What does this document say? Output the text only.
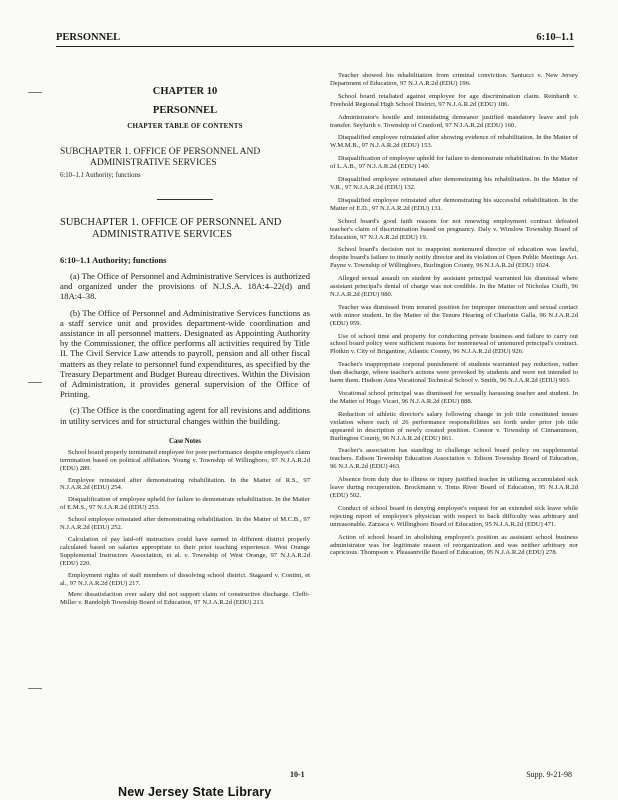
PERSONNEL	6:10–1.1
CHAPTER 10
PERSONNEL
CHAPTER TABLE OF CONTENTS
SUBCHAPTER 1. OFFICE OF PERSONNEL AND
ADMINISTRATIVE SERVICES
6:10–1.1 Authority; functions
SUBCHAPTER 1. OFFICE OF PERSONNEL AND
ADMINISTRATIVE SERVICES
6:10–1.1 Authority; functions

(a) The Office of Personnel and Administrative Services is authorized and organized under the provisions of N.J.S.A. 18A:4–22(d) and 18A:4–38.

(b) The Office of Personnel and Administrative Services functions as a staff service unit and provides department-wide coordination and assistance in all personnel matters. Designated as Appointing Authority by the Commissioner, the office performs all activities required by Title II. The Civil Service Law attends to payroll, pension and all other fiscal matters as they relate to personnel fund expenditures, as specified by the Treasury Department and Budget Bureau directives. Within the Division of Administration, it provides general supervision of the Office of Printing.

(c) The Office is the coordinating agent for all revisions and additions in utility services and for structural changes within the building.

Case Notes

School board properly terminated employee for poor performance despite employee's claim termination based on political affiliation. Young v. Township of Willingboro, 97 N.J.A.R.2d (EDU) 289.

Employee reinstated after demonstrating rehabilitation. In the Matter of R.S., 97 N.J.A.R.2d (EDU) 254.

Disqualification of employee upheld for failure to demonstrate rehabilitation. In the Matter of E.M.S., 97 N.J.A.R.2d (EDU) 253.

School employee reinstated after demonstrating rehabilitation. In the Matter of M.C.B., 97 N.J.A.R.2d (EDU) 252.

Calculation of pay laid-off instructors could have earned in different district properly calculated based on salaries appropriate to their prior teaching experience. West Orange Supplemental Instructors Association, et al. v. Township of West Orange, 97 N.J.A.R.2d (EDU) 220.

Employment rights of staff members of dissolving school district. Stagaard v. Contini, et al., 97 N.J.A.R.2d (EDU) 217.

Mere dissatisfaction over salary did not support claim of constructive discharge. Cleffi-Miller v. Randolph Township Board of Education, 97 N.J.A.R.2d (EDU) 213.

Teacher showed his rehabilitation from criminal conviction. Santucci v. New Jersey Department of Education, 97 N.J.A.R.2d (EDU) 196.

School board retaliated against employee for age discrimination claim. Reinhardt v. Freehold Regional High School District, 97 N.J.A.R.2d (EDU) 186.

Administrator's hostile and intimidating demeanor justified mandatory leave and job transfer. Seyfurth v. Township of Cranford, 97 N.J.A.R.2d (EDU) 160.

Disqualified employee reinstated after showing evidence of rehabilitation. In the Matter of W.M.M.B., 97 N.J.A.R.2d (EDU) 153.

Disqualification of employee upheld for failure to demonstrate rehabilitation. In the Matter of L.A.B., 97 N.J.A.R.2d (EDU) 140.

Disqualified employee reinstated after demonstrating his rehabilitation. In the Matter of V.R., 97 N.J.A.R.2d (EDU) 132.

Disqualified employee reinstated after demonstrating his successful rehabilitation. In the Matter of E.D., 97 N.J.A.R.2d (EDU) 131.

School board's good faith reasons for not renewing employment contract defeated teacher's claim of discrimination based on pregnancy. Daly v. Winslow Township Board of Education, 97 N.J.A.R.2d (EDU) 19.

School board's decision not to reappoint nontenured director of education was lawful, despite board's failure to timely notify director and its violation of Open Public Meetings Act. Payne v. Township of Willingboro, Burlington County, 96 N.J.A.R.2d (EDU) 1024.

Alleged sexual assault on student by assistant principal warranted his dismissal where assistant principal's denial of charge was not credible. In the Matter of Nicholas Ciuffi, 96 N.J.A.R.2d (EDU) 980.

Teacher was dismissed from tenured position for improper interaction and sexual contact with minor student. In the Matter of the Tenure Hearing of Charlotte Galla, 96 N.J.A.R.2d (EDU) 959.

Use of school time and property for conducting private business and failure to carry out school board policy were sufficient reasons for nonrenewal of untenured principal's contract. Plotkin v. City of Brigantine, Atlantic County, 96 N.J.A.R.2d (EDU) 926.

Teacher's inappropriate corporal punishment of students warranted pay reduction, rather than discharge, where teacher's actions were provoked by students and were not intended to harm them. Hudson Area Vocational Technical School v. Smith, 96 N.J.A.R.2d (EDU) 903.

Vocational school principal was dismissed for sexually harassing teacher and student. In the Matter of Hugo Vicari, 96 N.J.A.R.2d (EDU) 888.

Reduction of athletic director's salary following change in job title constituted tenure violation where each of 26 performance responsibilities set forth under prior job title appeared in description of newly created position. Connor v. Township of Cinnaminson, Burlington County, 96 N.J.A.R.2d (EDU) 861.

Teacher's association has standing to challenge school board policy on supplemental teachers. Edison Township Education Association v. Edison Township Board of Education, 96 N.J.A.R.2d (EDU) 463.

Absence from duty due to illness or injury justified teacher in utilizing accumulated sick leave during recuperation. Brockmann v. Toms River Board of Education, 95 N.J.A.R.2d (EDU) 502.

Conduct of school board in denying employee's request for an extended sick leave while rejecting report of employee's physician with respect to back difficulty was arbitrary and unreasonable. Zarzaca v. Willingboro Board of Education, 95 N.J.A.R.2d (EDU) 471.

Action of school board in abolishing employee's position as assistant school business administrator was for legitimate reason of reorganization and was neither arbitrary nor capricious. Thompson v. Pleasantville Board of Education, 95 N.J.A.R.2d (EDU) 278.

10-1	Supp. 9-21-98
New Jersey State Library
